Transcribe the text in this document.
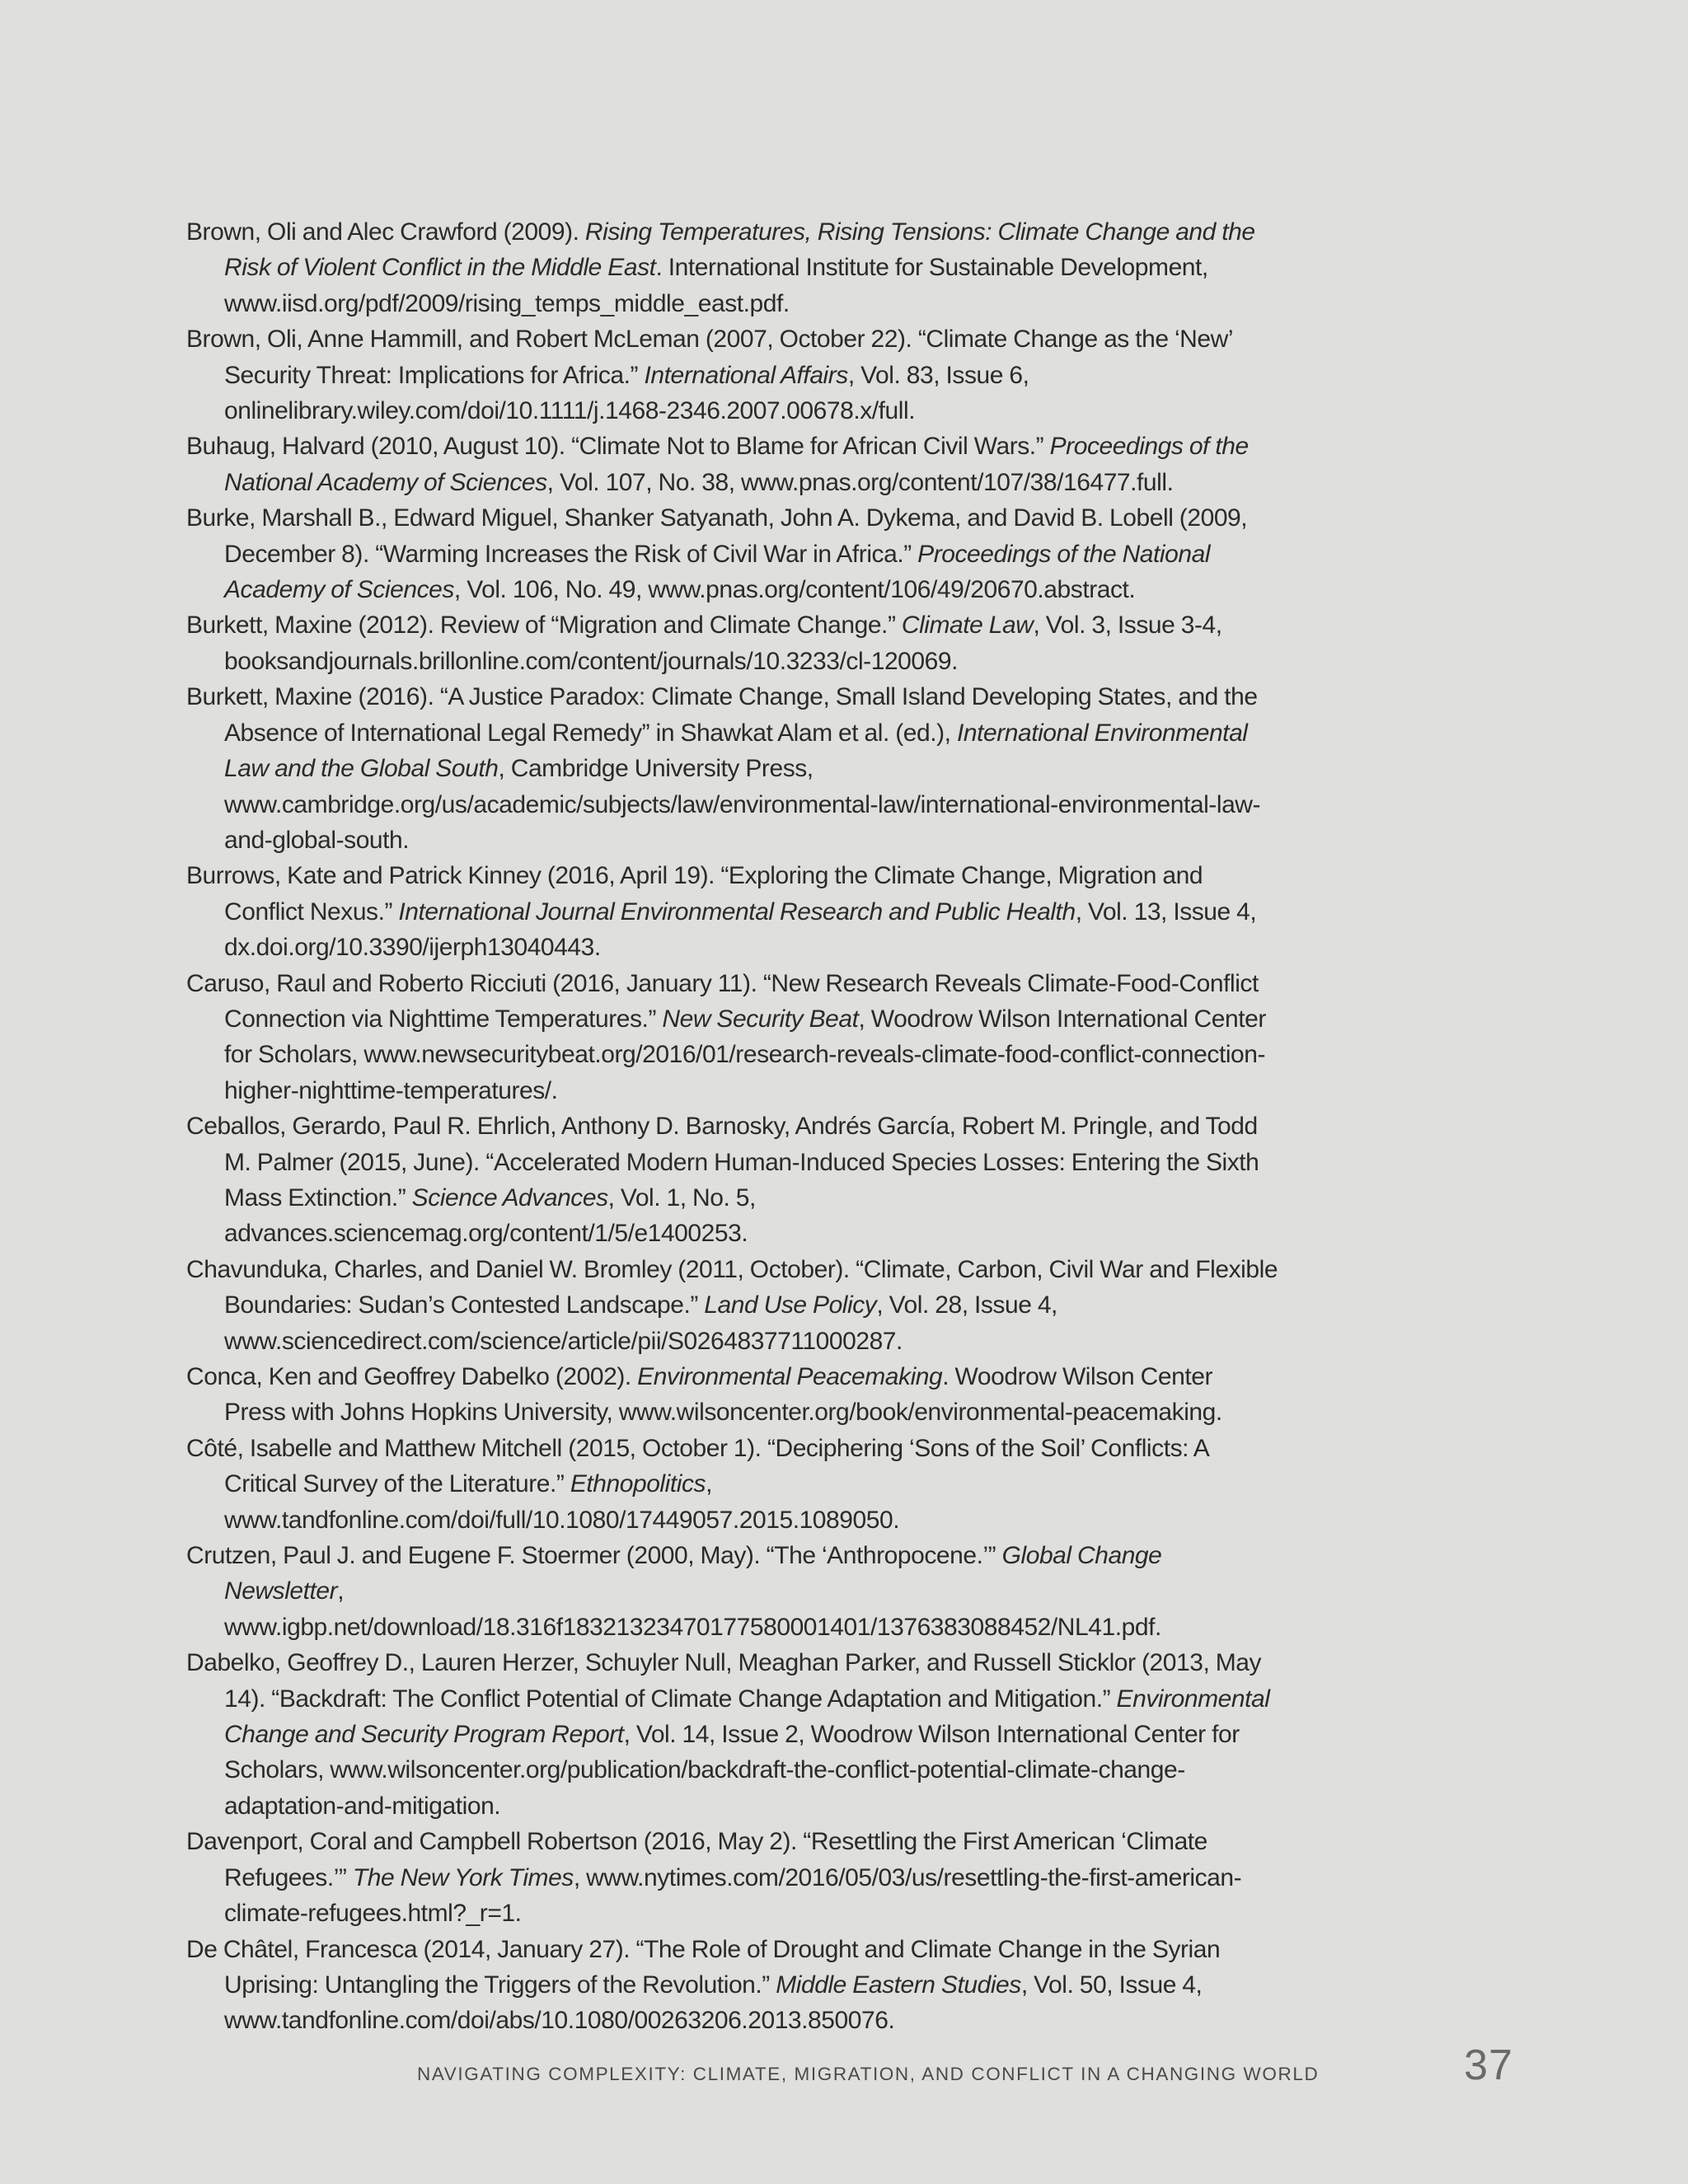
Brown, Oli and Alec Crawford (2009). Rising Temperatures, Rising Tensions: Climate Change and the Risk of Violent Conflict in the Middle East. International Institute for Sustainable Development, www.iisd.org/pdf/2009/rising_temps_middle_east.pdf.
Brown, Oli, Anne Hammill, and Robert McLeman (2007, October 22). “Climate Change as the ‘New’ Security Threat: Implications for Africa.” International Affairs, Vol. 83, Issue 6, onlinelibrary.wiley.com/doi/10.1111/j.1468-2346.2007.00678.x/full.
Buhaug, Halvard (2010, August 10). “Climate Not to Blame for African Civil Wars.” Proceedings of the National Academy of Sciences, Vol. 107, No. 38, www.pnas.org/content/107/38/16477.full.
Burke, Marshall B., Edward Miguel, Shanker Satyanath, John A. Dykema, and David B. Lobell (2009, December 8). “Warming Increases the Risk of Civil War in Africa.” Proceedings of the National Academy of Sciences, Vol. 106, No. 49, www.pnas.org/content/106/49/20670.abstract.
Burkett, Maxine (2012). Review of “Migration and Climate Change.” Climate Law, Vol. 3, Issue 3-4, booksandjournals.brillonline.com/content/journals/10.3233/cl-120069.
Burkett, Maxine (2016). “A Justice Paradox: Climate Change, Small Island Developing States, and the Absence of International Legal Remedy” in Shawkat Alam et al. (ed.), International Environmental Law and the Global South, Cambridge University Press, www.cambridge.org/us/academic/subjects/law/environmental-law/international-environmental-law-and-global-south.
Burrows, Kate and Patrick Kinney (2016, April 19). “Exploring the Climate Change, Migration and Conflict Nexus.” International Journal Environmental Research and Public Health, Vol. 13, Issue 4, dx.doi.org/10.3390/ijerph13040443.
Caruso, Raul and Roberto Ricciuti (2016, January 11). “New Research Reveals Climate-Food-Conflict Connection via Nighttime Temperatures.” New Security Beat, Woodrow Wilson International Center for Scholars, www.newsecuritybeat.org/2016/01/research-reveals-climate-food-conflict-connection-higher-nighttime-temperatures/.
Ceballos, Gerardo, Paul R. Ehrlich, Anthony D. Barnosky, Andrés García, Robert M. Pringle, and Todd M. Palmer (2015, June). “Accelerated Modern Human-Induced Species Losses: Entering the Sixth Mass Extinction.” Science Advances, Vol. 1, No. 5, advances.sciencemag.org/content/1/5/e1400253.
Chavunduka, Charles, and Daniel W. Bromley (2011, October). “Climate, Carbon, Civil War and Flexible Boundaries: Sudan’s Contested Landscape.” Land Use Policy, Vol. 28, Issue 4, www.sciencedirect.com/science/article/pii/S0264837711000287.
Conca, Ken and Geoffrey Dabelko (2002). Environmental Peacemaking. Woodrow Wilson Center Press with Johns Hopkins University, www.wilsoncenter.org/book/environmental-peacemaking.
Côté, Isabelle and Matthew Mitchell (2015, October 1). “Deciphering ‘Sons of the Soil’ Conflicts: A Critical Survey of the Literature.” Ethnopolitics, www.tandfonline.com/doi/full/10.1080/17449057.2015.1089050.
Crutzen, Paul J. and Eugene F. Stoermer (2000, May). “The ‘Anthropocene.’” Global Change Newsletter, www.igbp.net/download/18.316f18321323470177580001401/1376383088452/NL41.pdf.
Dabelko, Geoffrey D., Lauren Herzer, Schuyler Null, Meaghan Parker, and Russell Sticklor (2013, May 14). “Backdraft: The Conflict Potential of Climate Change Adaptation and Mitigation.” Environmental Change and Security Program Report, Vol. 14, Issue 2, Woodrow Wilson International Center for Scholars, www.wilsoncenter.org/publication/backdraft-the-conflict-potential-climate-change-adaptation-and-mitigation.
Davenport, Coral and Campbell Robertson (2016, May 2). “Resettling the First American ‘Climate Refugees.’” The New York Times, www.nytimes.com/2016/05/03/us/resettling-the-first-american-climate-refugees.html?_r=1.
De Châtel, Francesca (2014, January 27). “The Role of Drought and Climate Change in the Syrian Uprising: Untangling the Triggers of the Revolution.” Middle Eastern Studies, Vol. 50, Issue 4, www.tandfonline.com/doi/abs/10.1080/00263206.2013.850076.
NAVIGATING COMPLEXITY: CLIMATE, MIGRATION, AND CONFLICT IN A CHANGING WORLD	37
